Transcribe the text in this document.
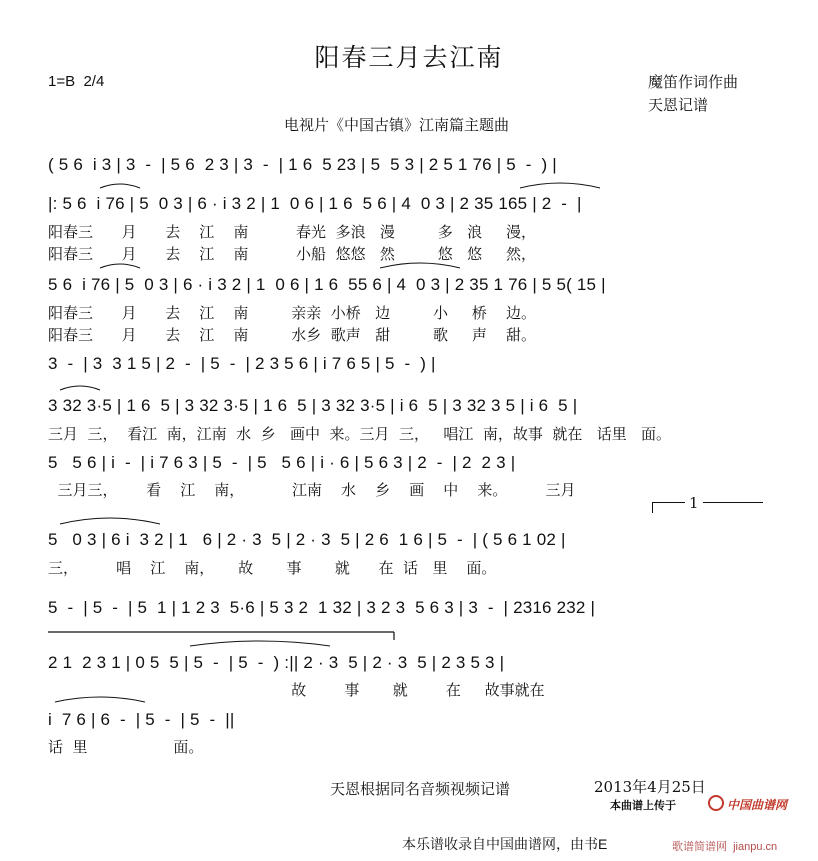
阳春三月去江南
1=B  2/4	魔笛作词作曲
天恩记谱
电视片《中国古镇》江南篇主题曲
( 5 6  i 3 | 3  -  | 5 6  2 3 | 3  -  | 1 6  5 23 | 5  5 3 | 2 5 1 76 | 5  -  ) |
|: 5 6  i 76 | 5  0 3 | 6 · i 3 2 | 1  0 6 | 1 6  5 6 | 4  0 3 | 2 35 165 | 2  -  |
阳春三      月      去    江    南          春光  多浪   漫         多   浪     漫，
阳春三      月      去    江    南          小船  悠悠   然         悠   悠     然，
5 6  i 76 | 5  0 3 | 6 · i 3 2 | 1  0 6 | 1 6  55 6 | 4  0 3 | 2 35 1 76 | 5 5( 15 |
阳春三      月      去    江    南         亲亲  小桥   边         小     桥    边。
阳春三      月      去    江    南         水乡  歌声   甜         歌     声    甜。
3  -  | 3  3 1 5 | 2  -  | 5  -  | 2 3 5 6 | i 7 6 5 | 5  -  ) |
3 32 3·5 | 1 6  5 | 3 32 3·5 | 1 6  5 | 3 32 3·5 | i 6  5 | 3 32 3 5 | i 6  5 |
三月  三，  看江  南，江南  水  乡   画中  来。三月  三，   唱江  南，故事  就在   话里   面。
5   5 6 | i  -  | i 7 6 3 | 5  -  | 5   5 6 | i · 6 | 5 6 3 | 2  -  | 2  2 3 |
三月三，      看    江    南，          江南    水    乡    画    中    来。        三月
1
5   0 3 | 6 i  3 2 | 1   6 | 2 · 3  5 | 2 · 3  5 | 2 6  1 6 | 5  -  | ( 5 6 1 02 |
三，        唱    江    南，     故       事       就      在  话   里    面。
5  -  | 5  -  | 5  1 | 1 2 3  5·6 | 5 3 2  1 32 | 3 2 3  5 6 3 | 3  -  | 2316 232 |
2 1  2 3 1 | 0 5  5 | 5  -  | 5  -  ) :|| 2 · 3  5 | 2 · 3  5 | 2 3 5 3 |
故        事       就        在     故事就在
i  7 6 | 6  -  | 5  -  | 5  -  ||
话  里                  面。
天恩根据同名音频视频记谱	2013年4月25日
本曲谱上传于	中国曲谱网
本乐谱收录自中国曲谱网，由书E	歌谱简谱网  jianpu.cn
